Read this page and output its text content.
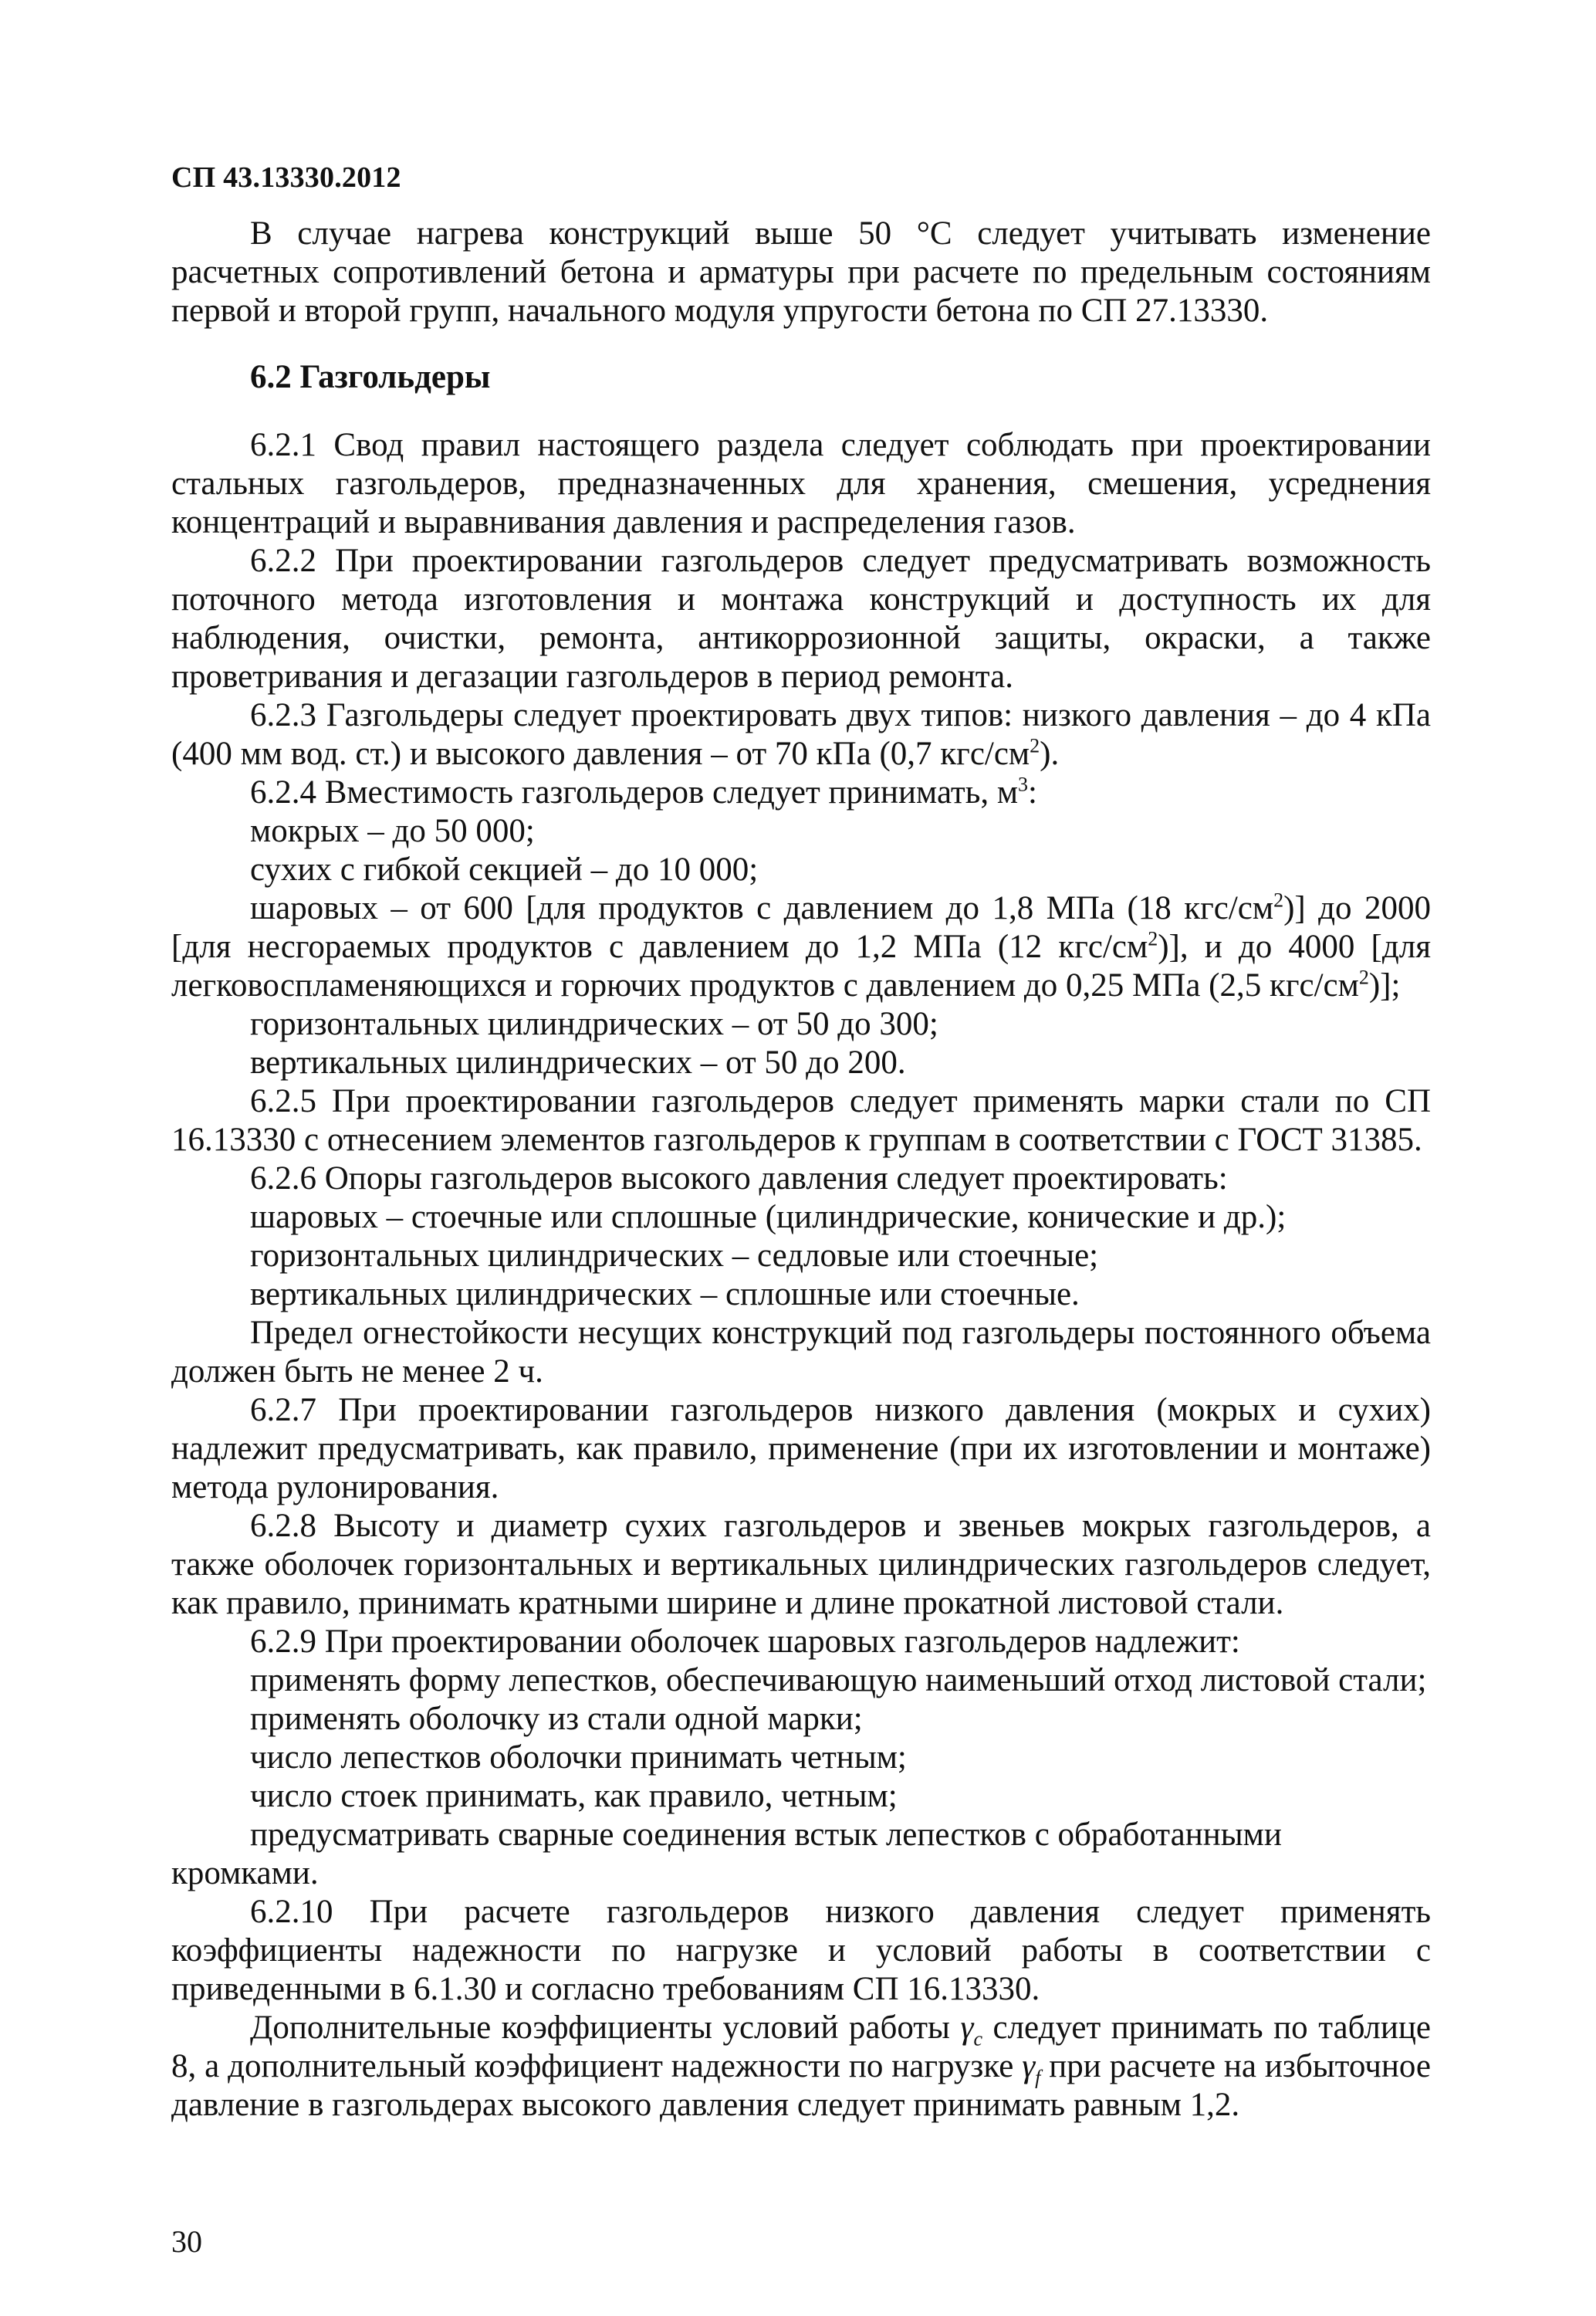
СП 43.13330.2012

В случае нагрева конструкций выше 50 °С следует учитывать изменение расчетных сопротивлений бетона и арматуры при расчете по предельным состояниям первой и второй групп, начального модуля упругости бетона по СП 27.13330.

6.2 Газгольдеры

6.2.1 Свод правил настоящего раздела следует соблюдать при проектировании стальных газгольдеров, предназначенных для хранения, смешения, усреднения концентраций и выравнивания давления и распределения газов.

6.2.2 При проектировании газгольдеров следует предусматривать возможность поточного метода изготовления и монтажа конструкций и доступность их для наблюдения, очистки, ремонта, антикоррозионной защиты, окраски, а также проветривания и дегазации газгольдеров в период ремонта.

6.2.3 Газгольдеры следует проектировать двух типов: низкого давления – до 4 кПа (400 мм вод. ст.) и высокого давления – от 70 кПа (0,7 кгс/$см^2$).

6.2.4 Вместимость газгольдеров следует принимать, $м^3$:

мокрых – до 50 000;

сухих с гибкой секцией – до 10 000;

шаровых – от 600 [для продуктов с давлением до 1,8 МПа (18 кгс/$см^2$)] до 2000 [для несгораемых продуктов с давлением до 1,2 МПа (12 кгс/$см^2$)], и до 4000 [для легковоспламеняющихся и горючих продуктов с давлением до 0,25 МПа (2,5 кгс/$см^2$)];

горизонтальных цилиндрических – от 50 до 300;

вертикальных цилиндрических – от 50 до 200.

6.2.5 При проектировании газгольдеров следует применять марки стали по СП 16.13330 с отнесением элементов газгольдеров к группам в соответствии с ГОСТ 31385.

6.2.6 Опоры газгольдеров высокого давления следует проектировать:

шаровых – стоечные или сплошные (цилиндрические, конические и др.);

горизонтальных цилиндрических – седловые или стоечные;

вертикальных цилиндрических – сплошные или стоечные.

Предел огнестойкости несущих конструкций под газгольдеры постоянного объема должен быть не менее 2 ч.

6.2.7 При проектировании газгольдеров низкого давления (мокрых и сухих) надлежит предусматривать, как правило, применение (при их изготовлении и монтаже) метода рулонирования.

6.2.8 Высоту и диаметр сухих газгольдеров и звеньев мокрых газгольдеров, а также оболочек горизонтальных и вертикальных цилиндрических газгольдеров следует, как правило, принимать кратными ширине и длине прокатной листовой стали.

6.2.9 При проектировании оболочек шаровых газгольдеров надлежит:

применять форму лепестков, обеспечивающую наименьший отход листовой стали;

применять оболочку из стали одной марки;

число лепестков оболочки принимать четным;

число стоек принимать, как правило, четным;

предусматривать сварные соединения встык лепестков с обработанными кромками.

6.2.10 При расчете газгольдеров низкого давления следует применять коэффициенты надежности по нагрузке и условий работы в соответствии с приведенными в 6.1.30 и согласно требованиям СП 16.13330.

Дополнительные коэффициенты условий работы $\gamma_c$ следует принимать по таблице 8, а дополнительный коэффициент надежности по нагрузке $\gamma_f$ при расчете на избыточное давление в газгольдерах высокого давления следует принимать равным 1,2.

30
